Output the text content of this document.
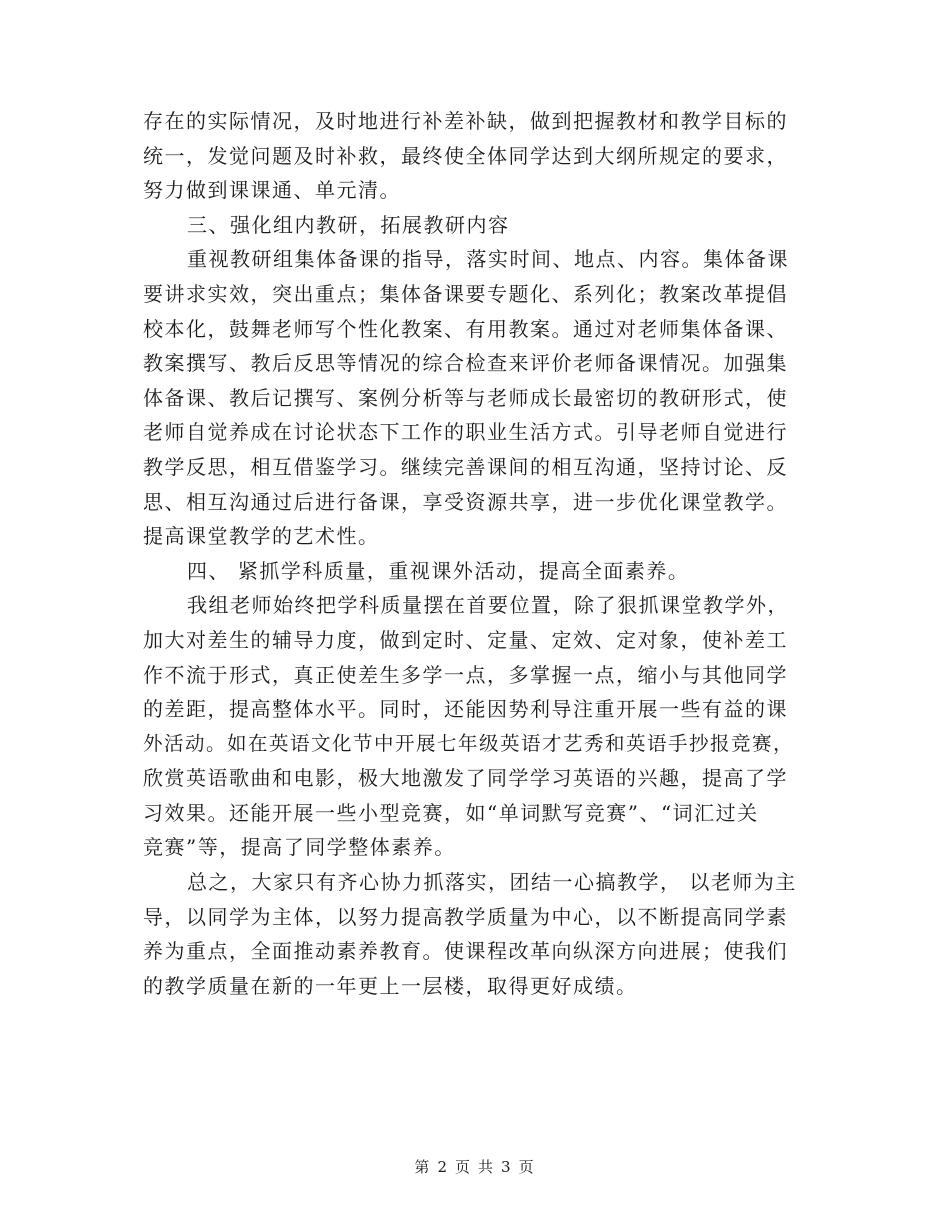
存在的实际情况，及时地进行补差补缺，做到把握教材和教学目标的
统一，发觉问题及时补救，最终使全体同学达到大纲所规定的要求，
努力做到课课通、单元清。
三、强化组内教研，拓展教研内容
重视教研组集体备课的指导，落实时间、地点、内容。集体备课
要讲求实效，突出重点；集体备课要专题化、系列化；教案改革提倡
校本化，鼓舞老师写个性化教案、有用教案。通过对老师集体备课、
教案撰写、教后反思等情况的综合检查来评价老师备课情况。加强集
体备课、教后记撰写、案例分析等与老师成长最密切的教研形式，使
老师自觉养成在讨论状态下工作的职业生活方式。引导老师自觉进行
教学反思，相互借鉴学习。继续完善课间的相互沟通，坚持讨论、反
思、相互沟通过后进行备课，享受资源共享，进一步优化课堂教学。
提高课堂教学的艺术性。
四、 紧抓学科质量，重视课外活动，提高全面素养。
我组老师始终把学科质量摆在首要位置，除了狠抓课堂教学外，
加大对差生的辅导力度，做到定时、定量、定效、定对象，使补差工
作不流于形式，真正使差生多学一点，多掌握一点，缩小与其他同学
的差距，提高整体水平。同时，还能因势利导注重开展一些有益的课
外活动。如在英语文化节中开展七年级英语才艺秀和英语手抄报竞赛，
欣赏英语歌曲和电影，极大地激发了同学学习英语的兴趣，提高了学
习效果。还能开展一些小型竞赛，如“单词默写竞赛”、“词汇过关
竞赛”等，提高了同学整体素养。
总之，大家只有齐心协力抓落实，团结一心搞教学， 以老师为主
导，以同学为主体，以努力提高教学质量为中心，以不断提高同学素
养为重点，全面推动素养教育。使课程改革向纵深方向进展；使我们
的教学质量在新的一年更上一层楼，取得更好成绩。
第 2 页 共 3 页
